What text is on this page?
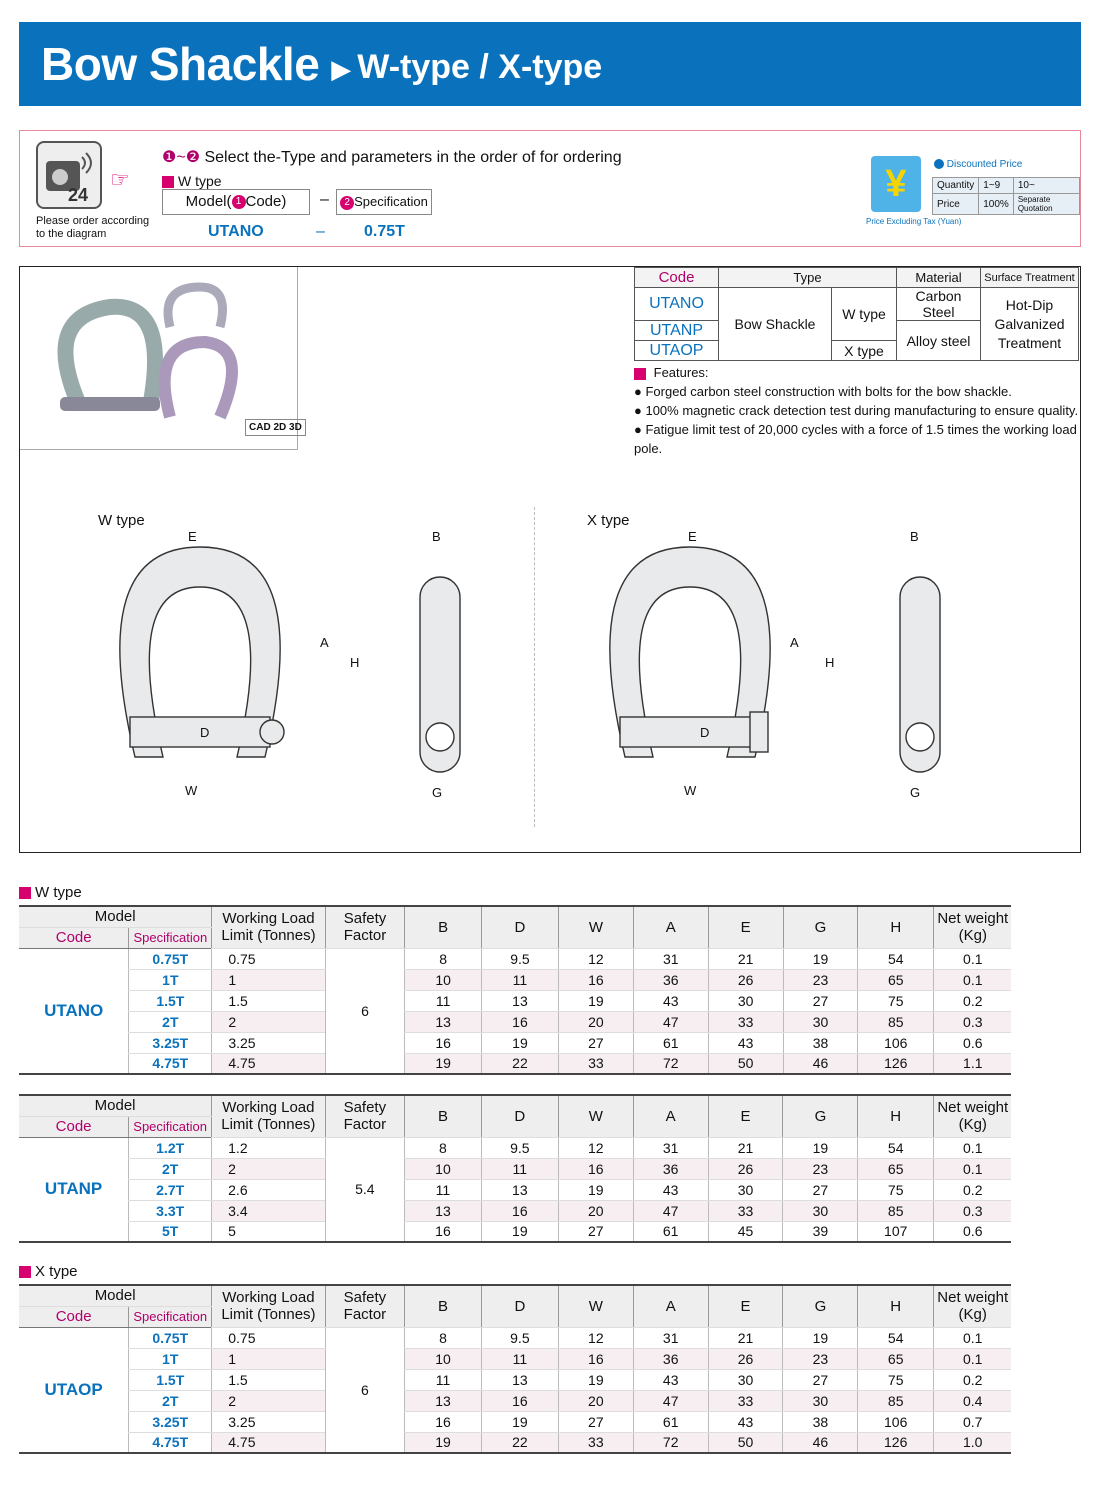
Bow Shackle ▶ W-type / X-type
24
Please order according to the diagram
☞
❶~❷ Select the-Type and parameters in the order of for ordering
W type
Model( 1 Code)	–	2 Specification
UTANO	– 0.75T
¥
Price Excluding Tax (Yuan)
Discounted Price
Quantity	1~9	10~
Price	100%	Separate Quotation
CAD 2D 3D
Code	Type		Material	Surface Treatment
UTANO	Bow Shackle	W type	Carbon Steel	Hot-Dip Galvanized Treatment
UTANP			Alloy steel	
UTAOP		X type		
Features:
● Forged carbon steel construction with bolts for the bow shackle.
● 100% magnetic crack detection test during manufacturing to ensure quality.
● Fatigue limit test of 20,000 cycles with a force of 1.5 times the working load pole.
W type	X type
E	B
A
H
D
W	G
E	B
A
H
D
W	G
W type
Model		Working Load Limit (Tonnes)	Safety Factor	B	D	W	A	E	G	H	Net weight (Kg)
Code	Specification										
UTANO	0.75T	0.75	6	8	9.5	12	31	21	19	54	0.1
	1T	1		10	11	16	36	26	23	65	0.1
	1.5T	1.5		11	13	19	43	30	27	75	0.2
	2T	2		13	16	20	47	33	30	85	0.3
	3.25T	3.25		16	19	27	61	43	38	106	0.6
	4.75T	4.75		19	22	33	72	50	46	126	1.1
Model		Working Load Limit (Tonnes)	Safety Factor	B	D	W	A	E	G	H	Net weight (Kg)
Code	Specification										
UTANP	1.2T	1.2	5.4	8	9.5	12	31	21	19	54	0.1
	2T	2		10	11	16	36	26	23	65	0.1
	2.7T	2.6		11	13	19	43	30	27	75	0.2
	3.3T	3.4		13	16	20	47	33	30	85	0.3
	5T	5		16	19	27	61	45	39	107	0.6
X type
Model		Working Load Limit (Tonnes)	Safety Factor	B	D	W	A	E	G	H	Net weight (Kg)
Code	Specification										
UTAOP	0.75T	0.75	6	8	9.5	12	31	21	19	54	0.1
	1T	1		10	11	16	36	26	23	65	0.1
	1.5T	1.5		11	13	19	43	30	27	75	0.2
	2T	2		13	16	20	47	33	30	85	0.4
	3.25T	3.25		16	19	27	61	43	38	106	0.7
	4.75T	4.75		19	22	33	72	50	46	126	1.0
